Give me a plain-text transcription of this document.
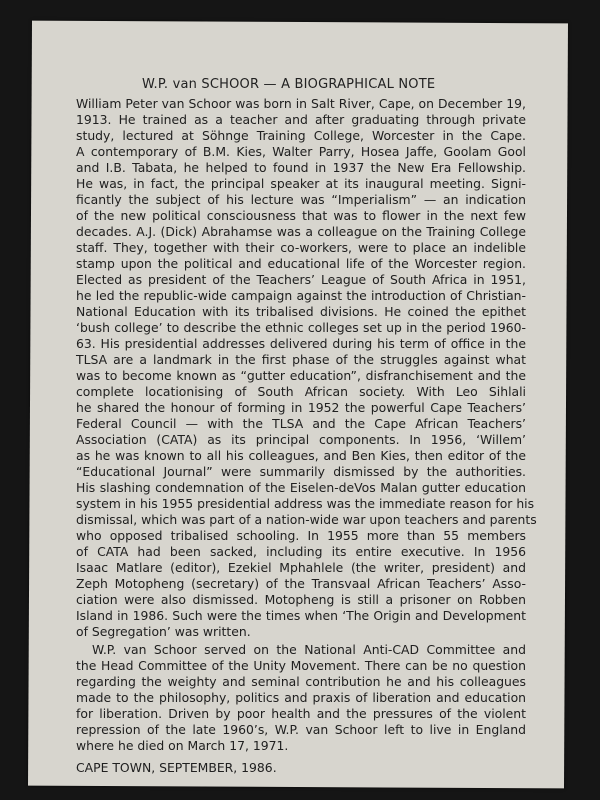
W.P. van SCHOOR — A BIOGRAPHICAL NOTE
William Peter van Schoor was born in Salt River, Cape, on December 19,
1913. He trained as a teacher and after graduating through private
study, lectured at Söhnge Training College, Worcester in the Cape.
A contemporary of B.M. Kies, Walter Parry, Hosea Jaffe, Goolam Gool
and I.B. Tabata, he helped to found in 1937 the New Era Fellowship.
He was, in fact, the principal speaker at its inaugural meeting. Signi-
ficantly the subject of his lecture was “Imperialism” — an indication
of the new political consciousness that was to flower in the next few
decades. A.J. (Dick) Abrahamse was a colleague on the Training College
staff. They, together with their co-workers, were to place an indelible
stamp upon the political and educational life of the Worcester region.
Elected as president of the Teachers’ League of South Africa in 1951,
he led the republic-wide campaign against the introduction of Christian-
National Education with its tribalised divisions. He coined the epithet
‘bush college’ to describe the ethnic colleges set up in the period 1960-
63. His presidential addresses delivered during his term of office in the
TLSA are a landmark in the first phase of the struggles against what
was to become known as “gutter education”, disfranchisement and the
complete locationising of South African society. With Leo Sihlali
he shared the honour of forming in 1952 the powerful Cape Teachers’
Federal Council — with the TLSA and the Cape African Teachers’
Association (CATA) as its principal components. In 1956, ‘Willem’
as he was known to all his colleagues, and Ben Kies, then editor of the
“Educational Journal” were summarily dismissed by the authorities.
His slashing condemnation of the Eiselen-deVos Malan gutter education
system in his 1955 presidential address was the immediate reason for his
dismissal, which was part of a nation-wide war upon teachers and parents
who opposed tribalised schooling. In 1955 more than 55 members
of CATA had been sacked, including its entire executive. In 1956
Isaac Matlare (editor), Ezekiel Mphahlele (the writer, president) and
Zeph Motopheng (secretary) of the Transvaal African Teachers’ Asso-
ciation were also dismissed. Motopheng is still a prisoner on Robben
Island in 1986. Such were the times when ‘The Origin and Development
of Segregation’ was written.
W.P. van Schoor served on the National Anti-CAD Committee and
the Head Committee of the Unity Movement. There can be no question
regarding the weighty and seminal contribution he and his colleagues
made to the philosophy, politics and praxis of liberation and education
for liberation. Driven by poor health and the pressures of the violent
repression of the late 1960’s, W.P. van Schoor left to live in England
where he died on March 17, 1971.
CAPE TOWN, SEPTEMBER, 1986.
